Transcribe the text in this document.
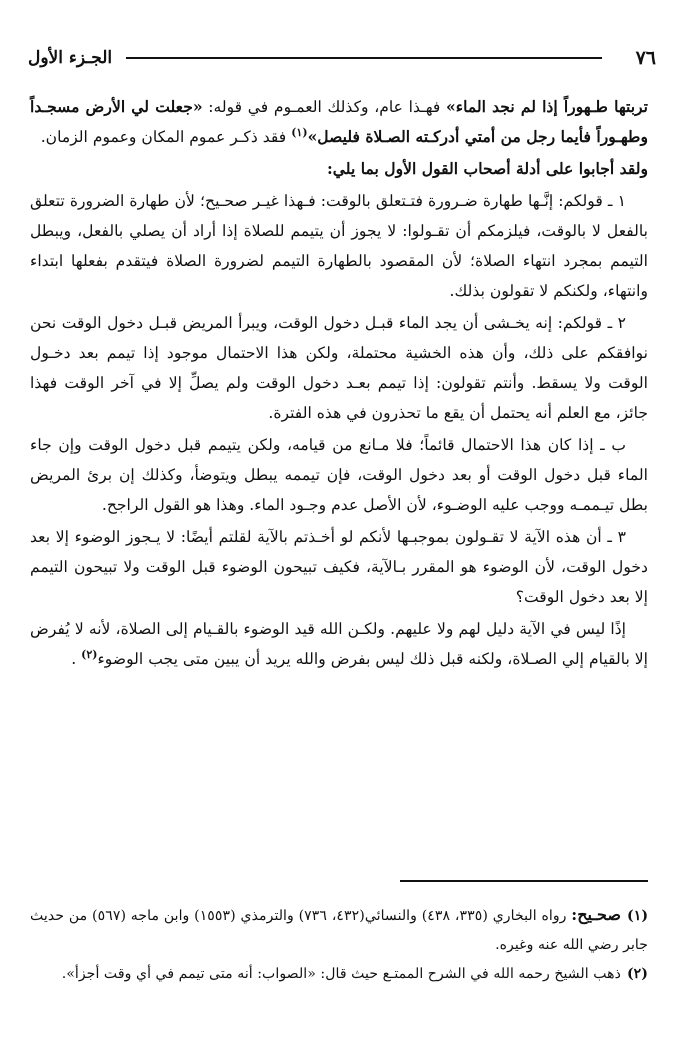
٧٦
الجـزء الأول

تربتها طـهوراً إذا لم نجد الماء» فهـذا عام، وكذلك العمـوم في قوله: «جعلت لي الأرض مسجـداً وطهـوراً فأيما رجل من أمتي أدركـته الصـلاة فليصل»$^{(١)}$ فقد ذكـر عموم المكان وعموم الزمان.

ولقد أجابوا على أدلة أصحاب القول الأول بما يلي:

١ ـ قولكم: إنَّـها طهارة ضـرورة فتـتعلق بالوقت: فـهذا غيـر صحـيح؛ لأن طهارة الضرورة تتعلق بالفعل لا بالوقت، فيلزمكم أن تقـولوا: لا يجوز أن يتيمم للصلاة إذا أراد أن يصلي بالفعل، ويبطل التيمم بمجرد انتهاء الصلاة؛ لأن المقصود بالطهارة التيمم لضرورة الصلاة فيتقدم بفعلها ابتداء وانتهاء، ولكنكم لا تقولون بذلك.

٢ ـ قولكم: إنه يخـشى أن يجد الماء قبـل دخول الوقت، ويبرأ المريض قبـل دخول الوقت نحن نوافقكم على ذلك، وأن هذه الخشية محتملة، ولكن هذا الاحتمال موجود إذا تيمم بعد دخـول الوقت ولا يسقط. وأنتم تقولون: إذا تيمم بعـد دخول الوقت ولم يصلِّ إلا في آخر الوقت فهذا جائز، مع العلم أنه يحتمل أن يقع ما تحذرون في هذه الفترة.

ب ـ إذا كان هذا الاحتمال قائماً؛ فلا مـانع من قيامه، ولكن يتيمم قبل دخول الوقت وإن جاء الماء قبل دخول الوقت أو بعد دخول الوقت، فإن تيممه يبطل ويتوضأ، وكذلك إن برئ المريض بطل تيـممـه ووجب عليه الوضـوء، لأن الأصل عدم وجـود الماء. وهذا هو القول الراجح.

٣ ـ أن هذه الآية لا تقـولون بموجبـها لأنكم لو أخـذتم بالآية لقلتم أيضًا: لا يـجوز الوضوء إلا بعد دخول الوقت، لأن الوضوء هو المقرر بـالآية، فكيف تبيحون الوضوء قبل الوقت ولا تبيحون التيمم إلا بعد دخول الوقت؟

إذًا ليس في الآية دليل لهم ولا عليهم. ولكـن الله قيد الوضوء بالقـيام إلى الصلاة، لأنه لا يُفرض إلا بالقيام إلي الصـلاة، ولكنه قبل ذلك ليس بفرض والله يريد أن يبين متى يجب الوضوء$^{(٢)}$ .

(١)صحـيح: رواه البخاري (٣٣٥، ٤٣٨) والنسائي(٤٣٢، ٧٣٦) والترمذي (١٥٥٣) وابن ماجه (٥٦٧) من حديث جابر رضي الله عنه وغيره.

(٢)ذهب الشيخ رحمه الله في الشرح الممتـع حيث قال: «الصواب: أنه متى تيمم في أي وقت أجزأ».
